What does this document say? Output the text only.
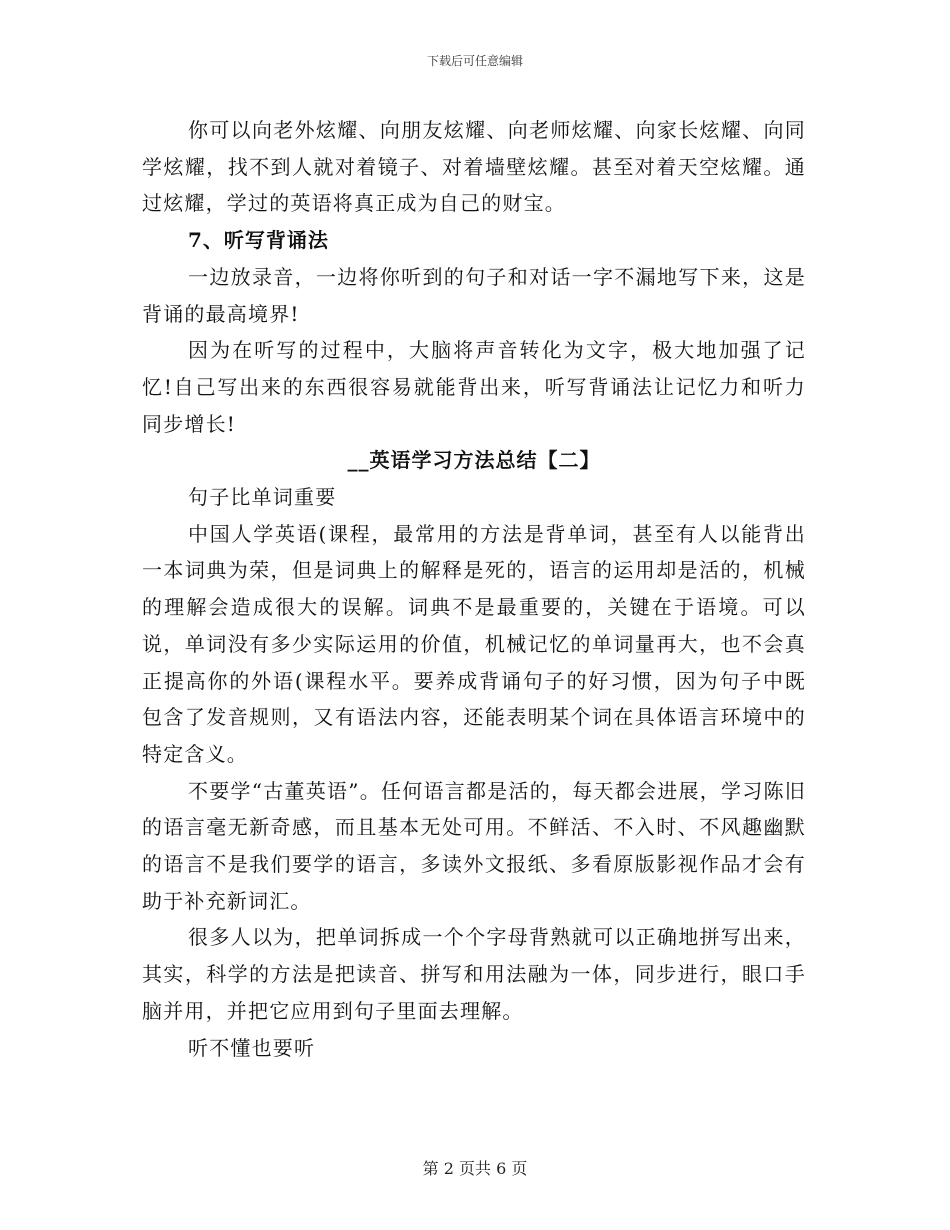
下载后可任意编辑

你可以向老外炫耀、向朋友炫耀、向老师炫耀、向家长炫耀、向同学炫耀，找不到人就对着镜子、对着墙壁炫耀。甚至对着天空炫耀。通过炫耀，学过的英语将真正成为自己的财宝。

7、听写背诵法

一边放录音，一边将你听到的句子和对话一字不漏地写下来，这是背诵的最高境界!

因为在听写的过程中，大脑将声音转化为文字，极大地加强了记忆!自己写出来的东西很容易就能背出来，听写背诵法让记忆力和听力同步增长!

__英语学习方法总结【二】

句子比单词重要

中国人学英语(课程，最常用的方法是背单词，甚至有人以能背出一本词典为荣，但是词典上的解释是死的，语言的运用却是活的，机械的理解会造成很大的误解。词典不是最重要的，关键在于语境。可以说，单词没有多少实际运用的价值，机械记忆的单词量再大，也不会真正提高你的外语(课程水平。要养成背诵句子的好习惯，因为句子中既包含了发音规则，又有语法内容，还能表明某个词在具体语言环境中的特定含义。

不要学“古董英语”。任何语言都是活的，每天都会进展，学习陈旧的语言毫无新奇感，而且基本无处可用。不鲜活、不入时、不风趣幽默的语言不是我们要学的语言，多读外文报纸、多看原版影视作品才会有助于补充新词汇。

很多人以为，把单词拆成一个个字母背熟就可以正确地拼写出来，其实，科学的方法是把读音、拼写和用法融为一体，同步进行，眼口手脑并用，并把它应用到句子里面去理解。

听不懂也要听

第 2 页共 6 页
